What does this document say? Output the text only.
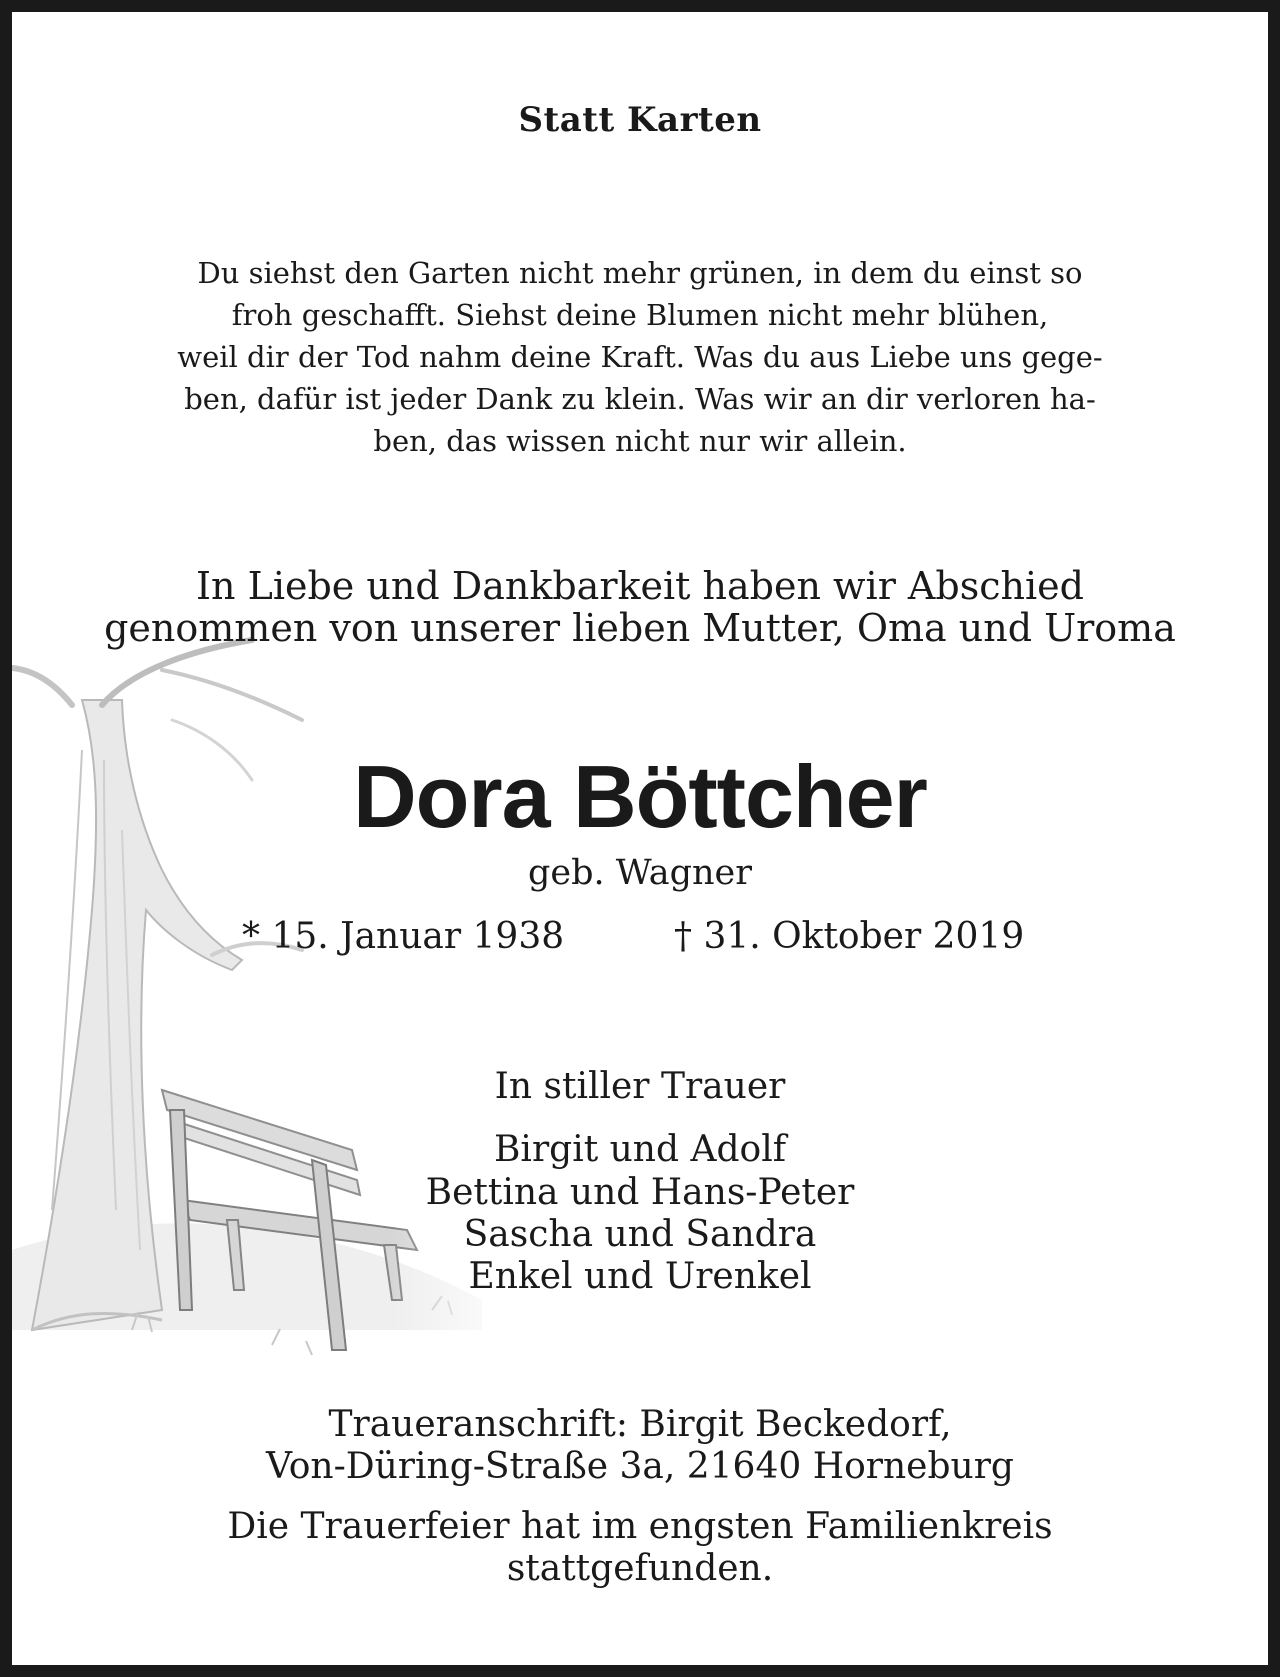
Statt Karten

Du siehst den Garten nicht mehr grünen, in dem du einst so

froh geschafft. Siehst deine Blumen nicht mehr blühen,

weil dir der Tod nahm deine Kraft. Was du aus Liebe uns gege-

ben, dafür ist jeder Dank zu klein. Was wir an dir verloren ha-

ben, das wissen nicht nur wir allein.

In Liebe und Dankbarkeit haben wir Abschied

genommen von unserer lieben Mutter, Oma und Uroma

Dora Böttcher

geb. Wagner

* 15. Januar 1938	† 31. Oktober 2019

In stiller Trauer

Birgit und Adolf

Bettina und Hans-Peter

Sascha und Sandra

Enkel und Urenkel

Traueranschrift: Birgit Beckedorf,

Von-Düring-Straße 3a, 21640 Horneburg

Die Trauerfeier hat im engsten Familienkreis

stattgefunden.
